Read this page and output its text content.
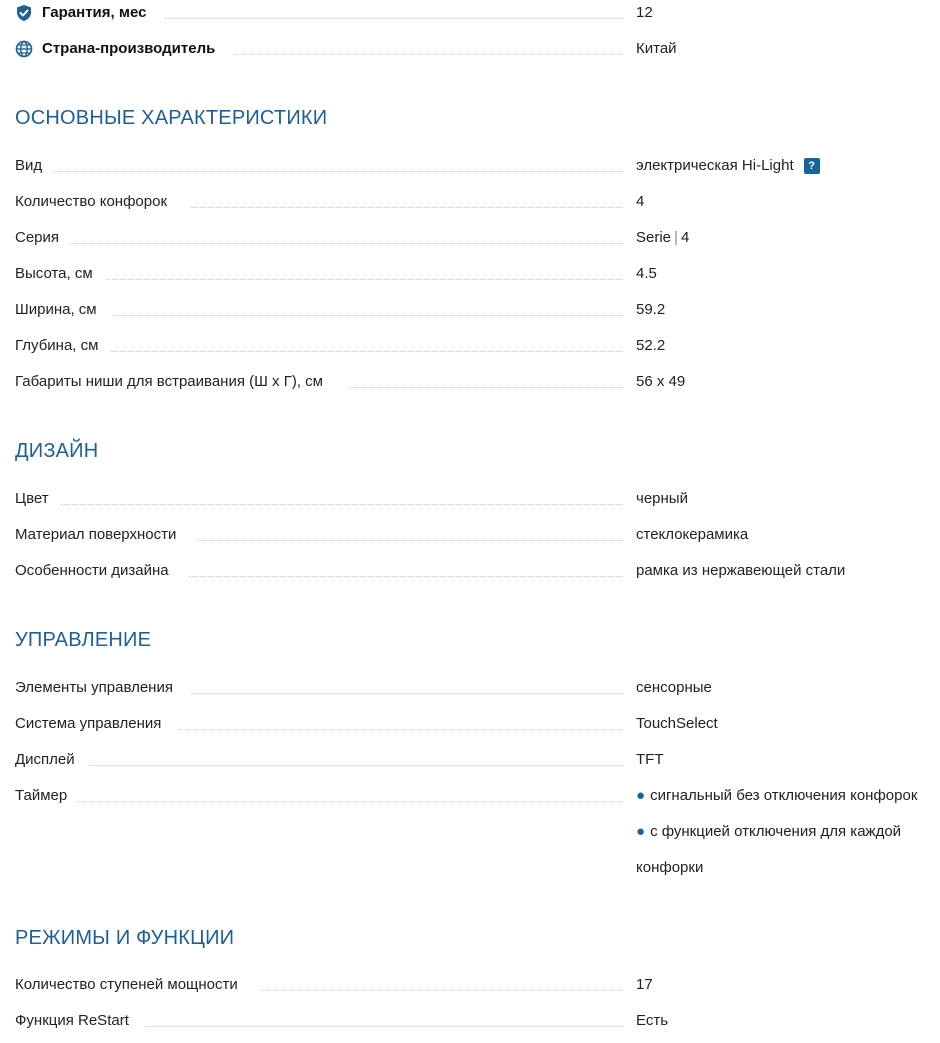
Гарантия, мес	12
Страна-производитель	Китай
ОСНОВНЫЕ ХАРАКТЕРИСТИКИ
Вид	электрическая Hi-Light ?
Количество конфорок	4
Серия	Serie | 4
Высота, см	4.5
Ширина, см	59.2
Глубина, см	52.2
Габариты ниши для встраивания (Ш x Г), см	56 x 49
ДИЗАЙН
Цвет	черный
Материал поверхности	стеклокерамика
Особенности дизайна	рамка из нержавеющей стали
УПРАВЛЕНИЕ
Элементы управления	сенсорные
Система управления	TouchSelect
Дисплей	TFT
Таймер	● сигнальный без отключения конфорок
● с функцией отключения для каждой
конфорки
РЕЖИМЫ И ФУНКЦИИ
Количество ступеней мощности	17
Функция ReStart	Есть
